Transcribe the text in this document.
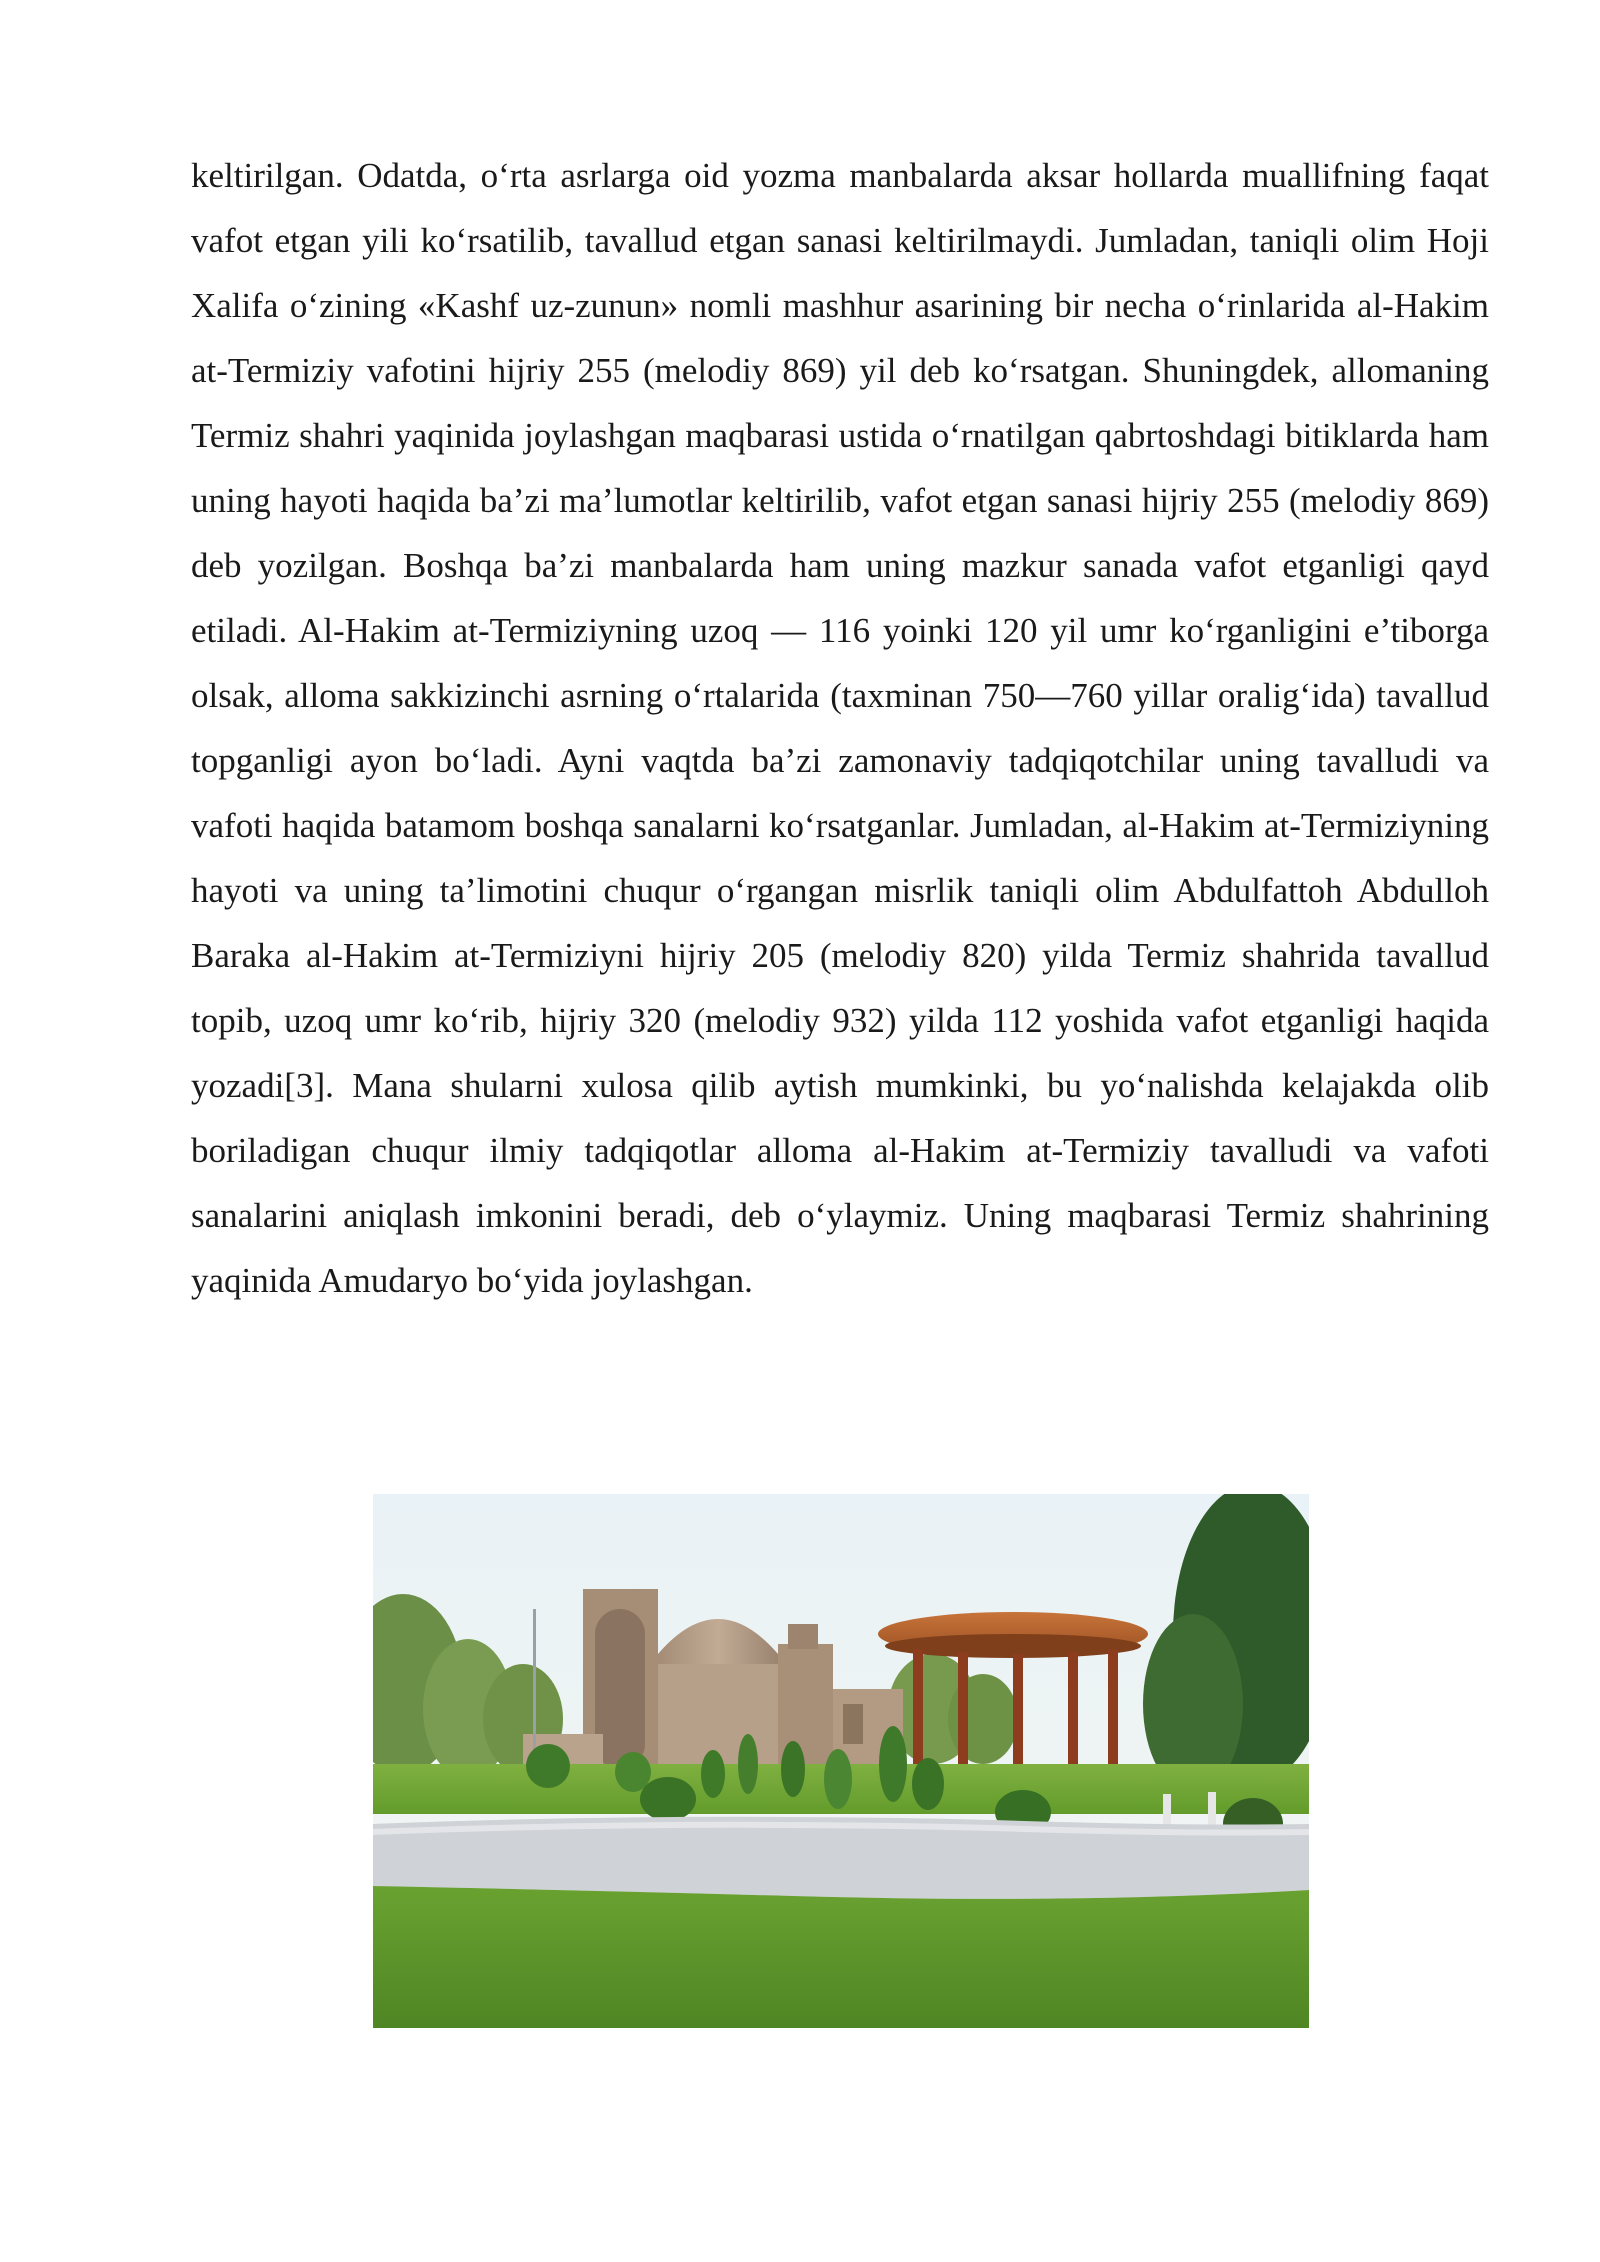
keltirilgan. Odatda, o‘rta asrlarga oid yozma manbalarda aksar hollarda muallifning faqat vafot etgan yili ko‘rsatilib, tavallud etgan sanasi keltirilmaydi. Jumladan, taniqli olim Hoji Xalifa o‘zining «Kashf uz-zunun» nomli mashhur asarining bir necha o‘rinlarida al-Hakim at-Termiziy vafotini hijriy 255 (melodiy 869) yil deb ko‘rsatgan. Shuningdek, allomaning Termiz shahri yaqinida joylashgan maqbarasi ustida o‘rnatilgan qabrtoshdagi bitiklarda ham uning hayoti haqida ba’zi ma’lumotlar keltirilib, vafot etgan sanasi hijriy 255 (melodiy 869) deb yozilgan. Boshqa ba’zi manbalarda ham uning mazkur sanada vafot etganligi qayd etiladi. Al-Hakim at-Termiziyning uzoq — 116 yoinki 120 yil umr ko‘rganligini e’tiborga olsak, alloma sakkizinchi asrning o‘rtalarida (taxminan 750—760 yillar oralig‘ida) tavallud topganligi ayon bo‘ladi. Ayni vaqtda ba’zi zamonaviy tadqiqotchilar uning tavalludi va vafoti haqida batamom boshqa sanalarni ko‘rsatganlar. Jumladan, al-Hakim at-Termiziyning hayoti va uning ta’limotini chuqur o‘rgangan misrlik taniqli olim Abdulfattoh Abdulloh Baraka al-Hakim at-Termiziyni hijriy 205 (melodiy 820) yilda Termiz shahrida tavallud topib, uzoq umr ko‘rib, hijriy 320 (melodiy 932) yilda 112 yoshida vafot etganligi haqida yozadi[3]. Mana shularni xulosa qilib aytish mumkinki, bu yo‘nalishda kelajakda olib boriladigan chuqur ilmiy tadqiqotlar alloma al-Hakim at-Termiziy tavalludi va vafoti sanalarini aniqlash imkonini beradi, deb o‘ylaymiz. Uning maqbarasi Termiz shahrining yaqinida Amudaryo bo‘yida joylashgan.
